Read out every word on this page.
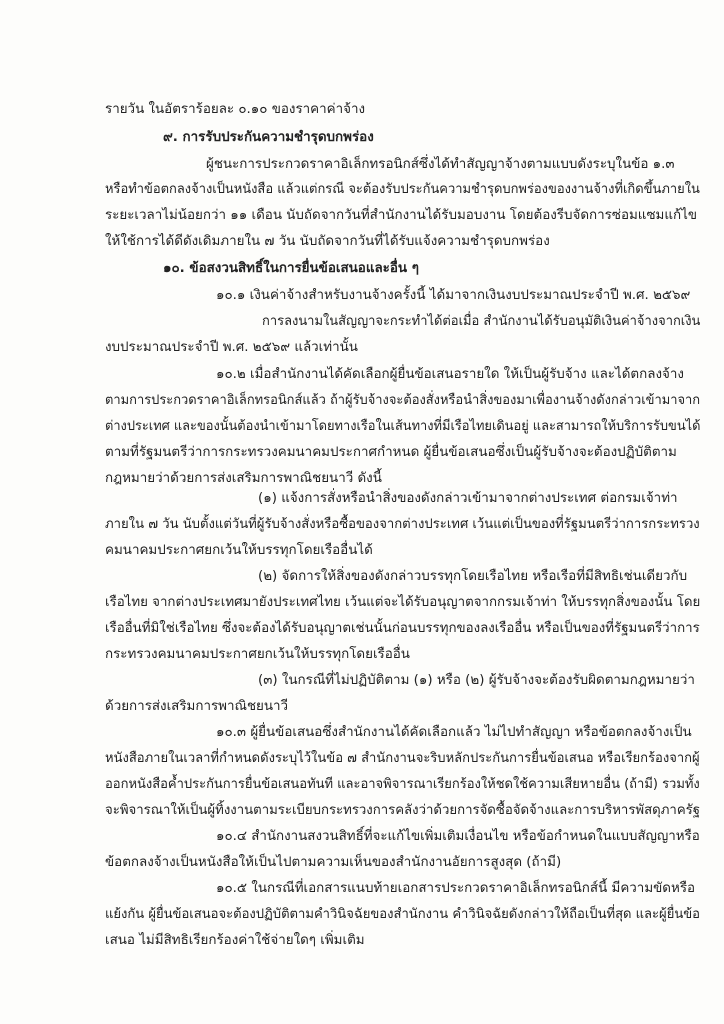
รายวัน ในอัตราร้อยละ ๐.๑๐ ของราคาค่าจ้าง
๙. การรับประกันความชำรุดบกพร่อง
ผู้ชนะการประกวดราคาอิเล็กทรอนิกส์ซึ่งได้ทำสัญญาจ้างตามแบบดังระบุในข้อ ๑.๓
หรือทำข้อตกลงจ้างเป็นหนังสือ แล้วแต่กรณี จะต้องรับประกันความชำรุดบกพร่องของงานจ้างที่เกิดขึ้นภายใน
ระยะเวลาไม่น้อยกว่า ๑๑ เดือน นับถัดจากวันที่สำนักงานได้รับมอบงาน โดยต้องรีบจัดการซ่อมแซมแก้ไข
ให้ใช้การได้ดีดังเดิมภายใน ๗ วัน นับถัดจากวันที่ได้รับแจ้งความชำรุดบกพร่อง
๑๐. ข้อสงวนสิทธิ์ในการยื่นข้อเสนอและอื่น ๆ
๑๐.๑ เงินค่าจ้างสำหรับงานจ้างครั้งนี้ ได้มาจากเงินงบประมาณประจำปี พ.ศ. ๒๕๖๙
การลงนามในสัญญาจะกระทำได้ต่อเมื่อ สำนักงานได้รับอนุมัติเงินค่าจ้างจากเงิน
งบประมาณประจำปี พ.ศ. ๒๕๖๙ แล้วเท่านั้น
๑๐.๒ เมื่อสำนักงานได้คัดเลือกผู้ยื่นข้อเสนอรายใด ให้เป็นผู้รับจ้าง และได้ตกลงจ้าง
ตามการประกวดราคาอิเล็กทรอนิกส์แล้ว ถ้าผู้รับจ้างจะต้องสั่งหรือนำสิ่งของมาเพื่องานจ้างดังกล่าวเข้ามาจาก
ต่างประเทศ และของนั้นต้องนำเข้ามาโดยทางเรือในเส้นทางที่มีเรือไทยเดินอยู่ และสามารถให้บริการรับขนได้
ตามที่รัฐมนตรีว่าการกระทรวงคมนาคมประกาศกำหนด ผู้ยื่นข้อเสนอซึ่งเป็นผู้รับจ้างจะต้องปฏิบัติตาม
กฎหมายว่าด้วยการส่งเสริมการพาณิชยนาวี ดังนี้
(๑) แจ้งการสั่งหรือนำสิ่งของดังกล่าวเข้ามาจากต่างประเทศ ต่อกรมเจ้าท่า
ภายใน ๗ วัน นับตั้งแต่วันที่ผู้รับจ้างสั่งหรือซื้อของจากต่างประเทศ เว้นแต่เป็นของที่รัฐมนตรีว่าการกระทรวง
คมนาคมประกาศยกเว้นให้บรรทุกโดยเรืออื่นได้
(๒) จัดการให้สิ่งของดังกล่าวบรรทุกโดยเรือไทย หรือเรือที่มีสิทธิเช่นเดียวกับ
เรือไทย จากต่างประเทศมายังประเทศไทย เว้นแต่จะได้รับอนุญาตจากกรมเจ้าท่า ให้บรรทุกสิ่งของนั้น โดย
เรืออื่นที่มิใช่เรือไทย ซึ่งจะต้องได้รับอนุญาตเช่นนั้นก่อนบรรทุกของลงเรืออื่น หรือเป็นของที่รัฐมนตรีว่าการ
กระทรวงคมนาคมประกาศยกเว้นให้บรรทุกโดยเรืออื่น
(๓) ในกรณีที่ไม่ปฏิบัติตาม (๑) หรือ (๒) ผู้รับจ้างจะต้องรับผิดตามกฎหมายว่า
ด้วยการส่งเสริมการพาณิชยนาวี
๑๐.๓ ผู้ยื่นข้อเสนอซึ่งสำนักงานได้คัดเลือกแล้ว ไม่ไปทำสัญญา หรือข้อตกลงจ้างเป็น
หนังสือภายในเวลาที่กำหนดดังระบุไว้ในข้อ ๗ สำนักงานจะริบหลักประกันการยื่นข้อเสนอ หรือเรียกร้องจากผู้
ออกหนังสือค้ำประกันการยื่นข้อเสนอทันที และอาจพิจารณาเรียกร้องให้ชดใช้ความเสียหายอื่น (ถ้ามี) รวมทั้ง
จะพิจารณาให้เป็นผู้ทิ้งงานตามระเบียบกระทรวงการคลังว่าด้วยการจัดซื้อจัดจ้างและการบริหารพัสดุภาครัฐ
๑๐.๔ สำนักงานสงวนสิทธิ์ที่จะแก้ไขเพิ่มเติมเงื่อนไข หรือข้อกำหนดในแบบสัญญาหรือ
ข้อตกลงจ้างเป็นหนังสือให้เป็นไปตามความเห็นของสำนักงานอัยการสูงสุด (ถ้ามี)
๑๐.๕ ในกรณีที่เอกสารแนบท้ายเอกสารประกวดราคาอิเล็กทรอนิกส์นี้ มีความขัดหรือ
แย้งกัน ผู้ยื่นข้อเสนอจะต้องปฏิบัติตามคำวินิจฉัยของสำนักงาน คำวินิจฉัยดังกล่าวให้ถือเป็นที่สุด และผู้ยื่นข้อ
เสนอ ไม่มีสิทธิเรียกร้องค่าใช้จ่ายใดๆ เพิ่มเติม
